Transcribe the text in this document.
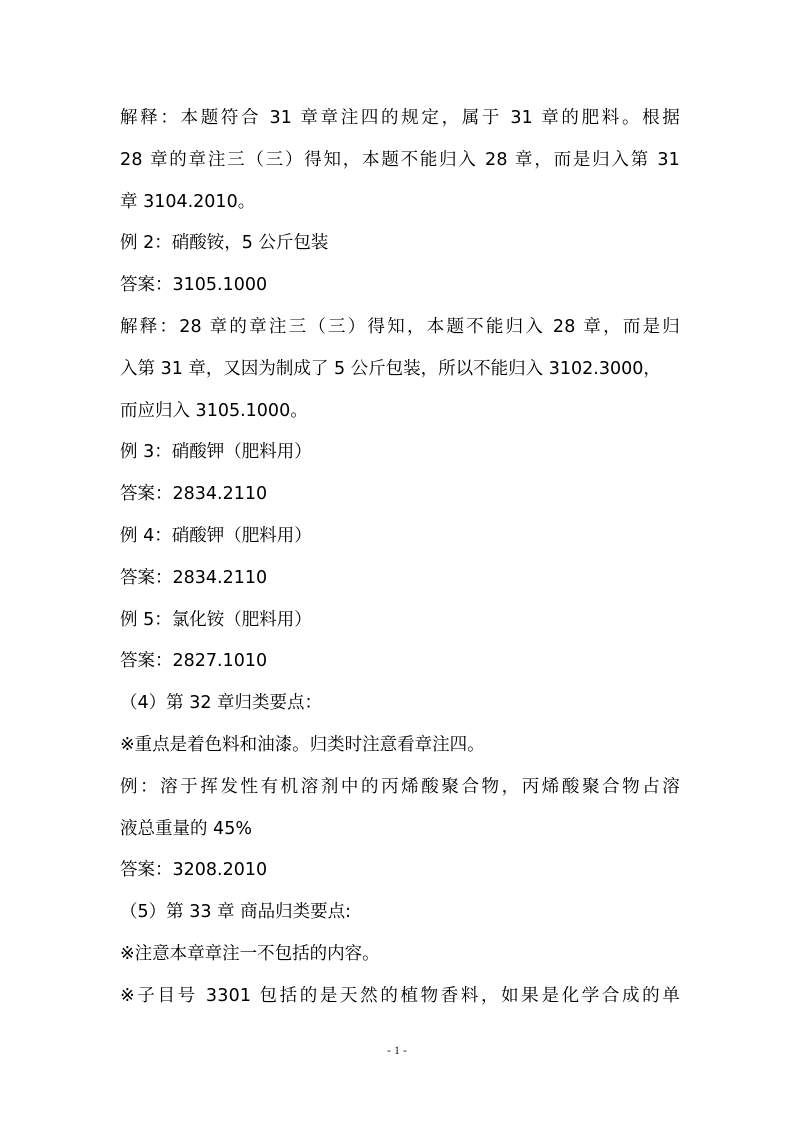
解释：本题符合 31 章章注四的规定，属于 31 章的肥料。根据
28 章的章注三（三）得知，本题不能归入 28 章，而是归入第 31
章 3104.2010。
例 2：硝酸铵，5 公斤包装
答案：3105.1000
解释：28 章的章注三（三）得知，本题不能归入 28 章，而是归
入第 31 章，又因为制成了 5 公斤包装，所以不能归入 3102.3000，
而应归入 3105.1000。
例 3：硝酸钾（肥料用）
答案：2834.2110
例 4：硝酸钾（肥料用）
答案：2834.2110
例 5：氯化铵（肥料用）
答案：2827.1010
（4）第 32 章归类要点：
※重点是着色料和油漆。归类时注意看章注四。
例：溶于挥发性有机溶剂中的丙烯酸聚合物，丙烯酸聚合物占溶
液总重量的 45%
答案：3208.2010
（5）第 33 章 商品归类要点:
※注意本章章注一不包括的内容。
※子目号 3301 包括的是天然的植物香料，如果是化学合成的单
- 1 -
